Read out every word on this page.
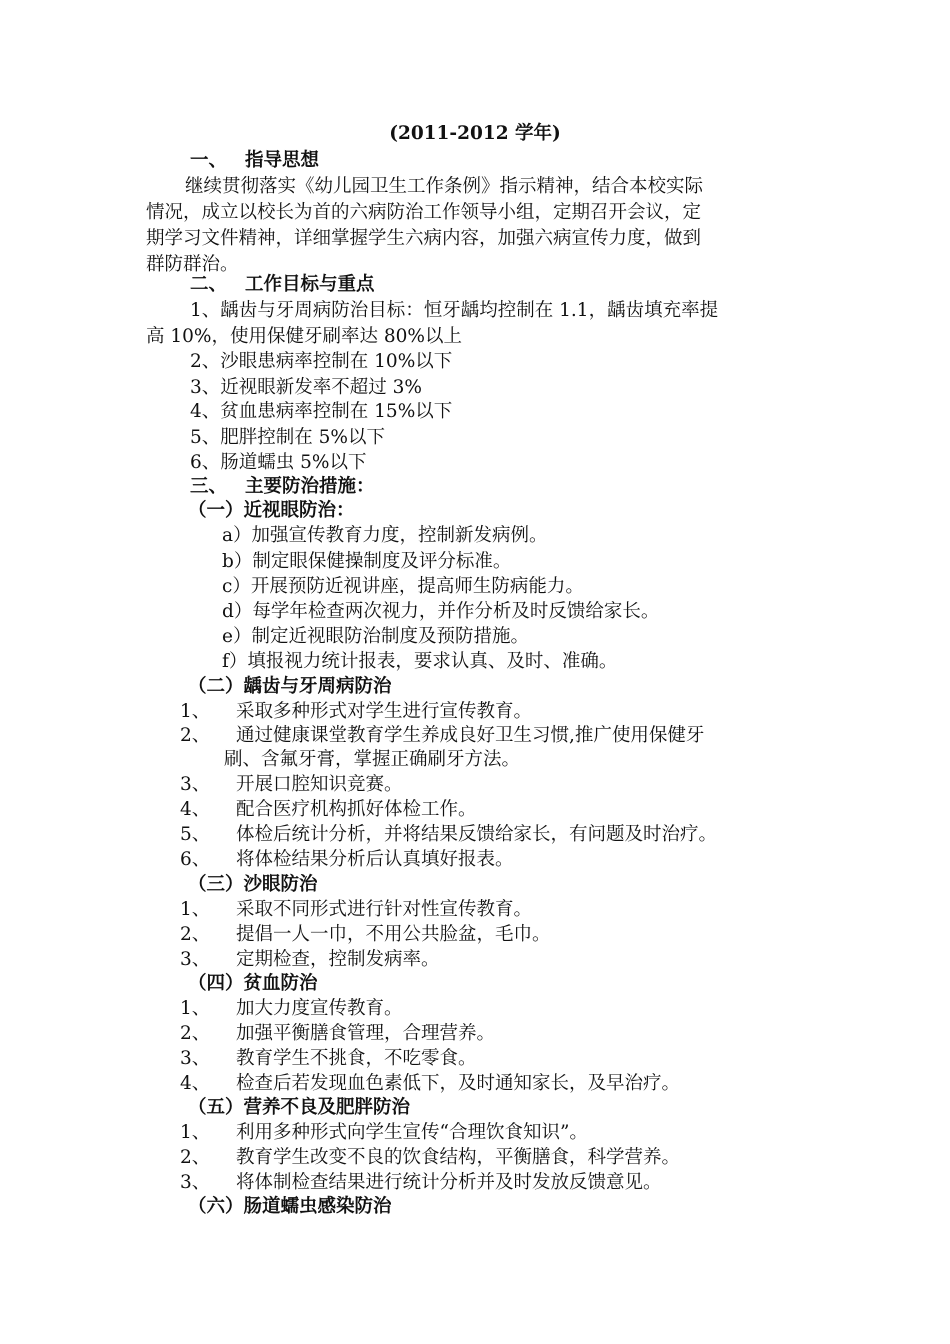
(2011-2012 学年)
一、 指导思想
继续贯彻落实《幼儿园卫生工作条例》指示精神，结合本校实际
情况，成立以校长为首的六病防治工作领导小组，定期召开会议，定
期学习文件精神，详细掌握学生六病内容，加强六病宣传力度，做到
群防群治。
二、 工作目标与重点
1、龋齿与牙周病防治目标：恒牙龋均控制在 1.1，龋齿填充率提
高 10%，使用保健牙刷率达 80%以上
2、沙眼患病率控制在 10%以下
3、近视眼新发率不超过 3%
4、贫血患病率控制在 15%以下
5、肥胖控制在 5%以下
6、肠道蠕虫 5%以下
三、 主要防治措施：
（一）近视眼防治：
a）加强宣传教育力度，控制新发病例。
b）制定眼保健操制度及评分标准。
c）开展预防近视讲座，提高师生防病能力。
d）每学年检查两次视力，并作分析及时反馈给家长。
e）制定近视眼防治制度及预防措施。
f）填报视力统计报表，要求认真、及时、准确。
（二）龋齿与牙周病防治
1、 采取多种形式对学生进行宣传教育。
2、 通过健康课堂教育学生养成良好卫生习惯,推广使用保健牙
刷、含氟牙膏，掌握正确刷牙方法。
3、 开展口腔知识竞赛。
4、 配合医疗机构抓好体检工作。
5、 体检后统计分析，并将结果反馈给家长，有问题及时治疗。
6、 将体检结果分析后认真填好报表。
（三）沙眼防治
1、 采取不同形式进行针对性宣传教育。
2、 提倡一人一巾，不用公共脸盆，毛巾。
3、 定期检查，控制发病率。
（四）贫血防治
1、 加大力度宣传教育。
2、 加强平衡膳食管理，合理营养。
3、 教育学生不挑食，不吃零食。
4、 检查后若发现血色素低下，及时通知家长，及早治疗。
（五）营养不良及肥胖防治
1、 利用多种形式向学生宣传“合理饮食知识”。
2、 教育学生改变不良的饮食结构，平衡膳食，科学营养。
3、 将体制检查结果进行统计分析并及时发放反馈意见。
（六）肠道蠕虫感染防治
